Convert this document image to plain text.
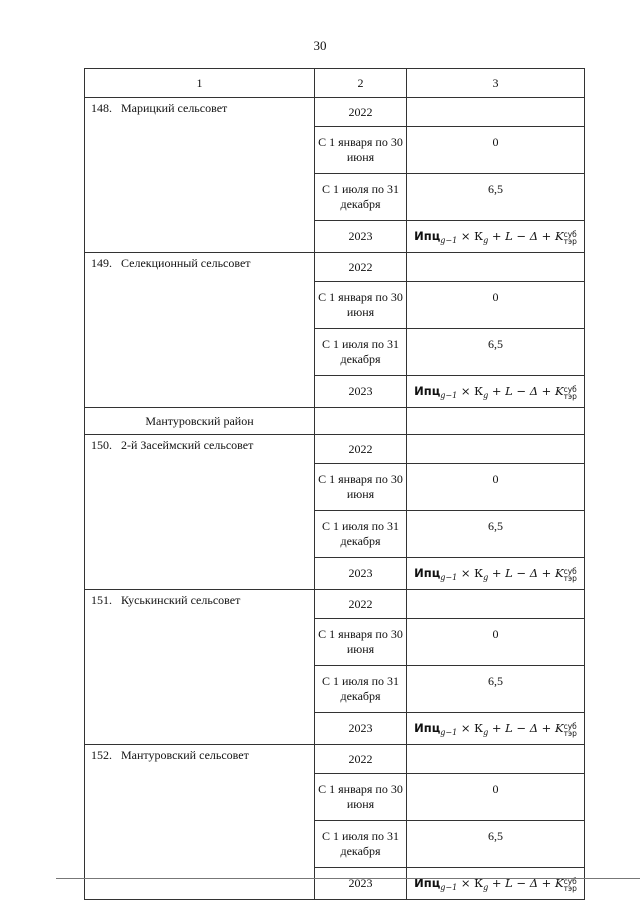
30
1	2	3
148. Марицкий сельсовет	2022	
	С 1 января по 30 июня	0
	С 1 июля по 31 декабря	6,5
	2023	$Ипц_{g-1} \times К_g + L - \Delta$ + Kсуб
тэр
149. Селекционный сельсовет	2022	
	С 1 января по 30 июня	0
	С 1 июля по 31 декабря	6,5
	2023	$Ипц_{g-1} \times К_g + L - \Delta$ + Kсуб
тэр
Мантуровский район		
150. 2-й Засеймский сельсовет	2022	
	С 1 января по 30 июня	0
	С 1 июля по 31 декабря	6,5
	2023	$Ипц_{g-1} \times К_g + L - \Delta$ + Kсуб
тэр
151. Куськинский сельсовет	2022	
	С 1 января по 30 июня	0
	С 1 июля по 31 декабря	6,5
	2023	$Ипц_{g-1} \times К_g + L - \Delta$ + Kсуб
тэр
152. Мантуровский сельсовет	2022	
	С 1 января по 30 июня	0
	С 1 июля по 31 декабря	6,5
	2023	$Ипц_{g-1} \times К_g + L - \Delta$ + Kсуб
тэр
